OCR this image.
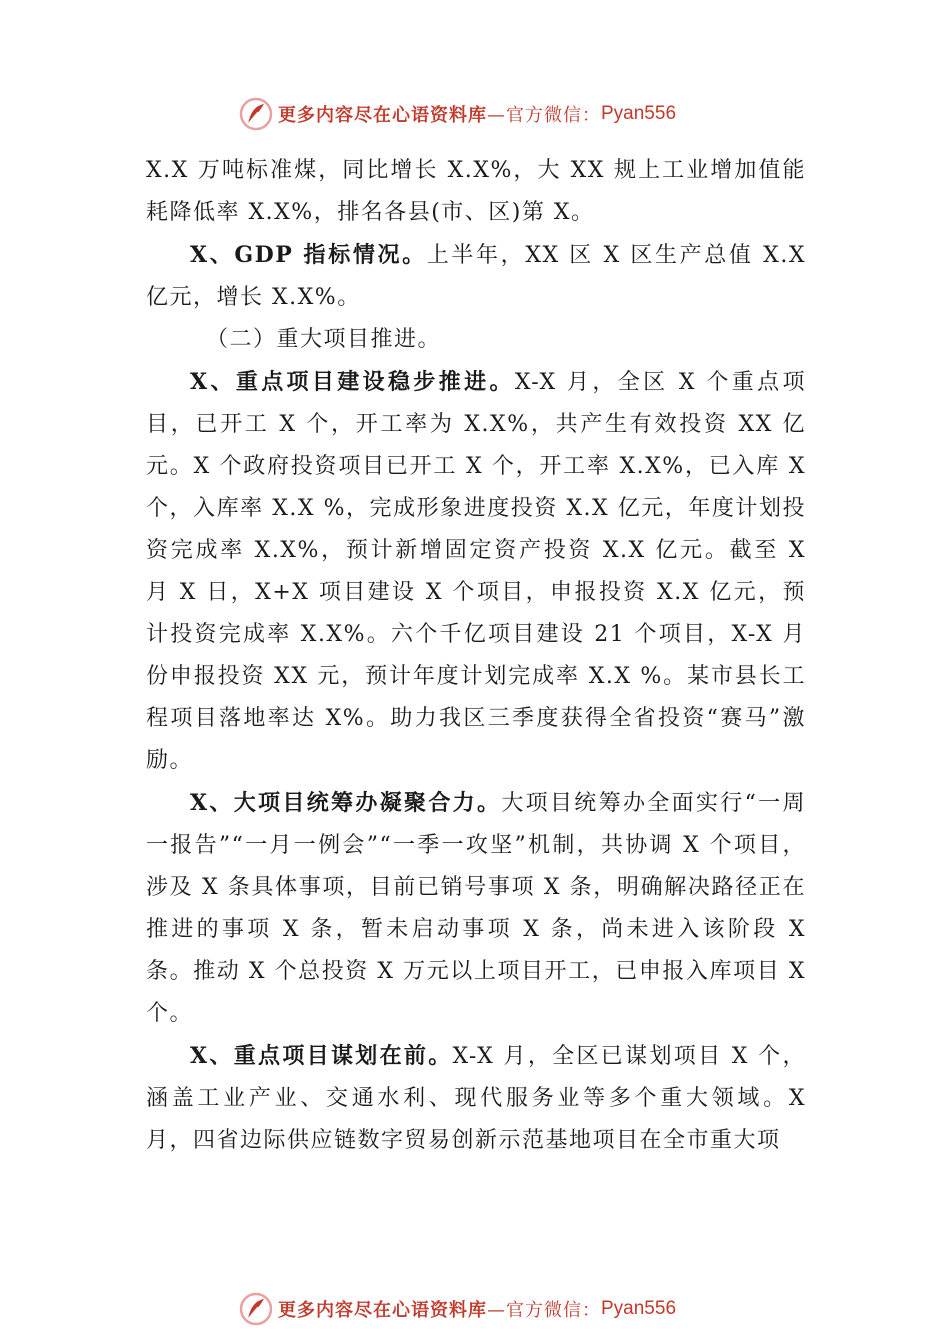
更多内容尽在心语资料库 —官方微信： Pyan556

X.X 万吨标准煤，同比增长 X.X%，大 XX 规上工业增加值能耗降低率 X.X%，排名各县(市、区)第 X。

X、GDP 指标情况。上半年，XX 区 X 区生产总值 X.X 亿元，增长 X.X%。

（二）重大项目推进。

X、重点项目建设稳步推进。X-X 月，全区 X 个重点项目，已开工 X 个，开工率为 X.X%，共产生有效投资 XX 亿元。X 个政府投资项目已开工 X 个，开工率 X.X%，已入库 X 个，入库率 X.X %，完成形象进度投资 X.X 亿元，年度计划投资完成率 X.X%，预计新增固定资产投资 X.X 亿元。截至 X 月 X 日，X+X 项目建设 X 个项目，申报投资 X.X 亿元，预计投资完成率 X.X%。六个千亿项目建设 21 个项目，X-X 月份申报投资 XX 元，预计年度计划完成率 X.X %。某市县长工程项目落地率达 X%。助力我区三季度获得全省投资“赛马”激励。

X、大项目统筹办凝聚合力。大项目统筹办全面实行“一周一报告”“一月一例会”“一季一攻坚”机制，共协调 X 个项目，涉及 X 条具体事项，目前已销号事项 X 条，明确解决路径正在推进的事项 X 条，暂未启动事项 X 条，尚未进入该阶段 X 条。推动 X 个总投资 X 万元以上项目开工，已申报入库项目 X 个。

X、重点项目谋划在前。X-X 月，全区已谋划项目 X 个，涵盖工业产业、交通水利、现代服务业等多个重大领域。X 月，四省边际供应链数字贸易创新示范基地项目在全市重大项

更多内容尽在心语资料库 —官方微信： Pyan556
